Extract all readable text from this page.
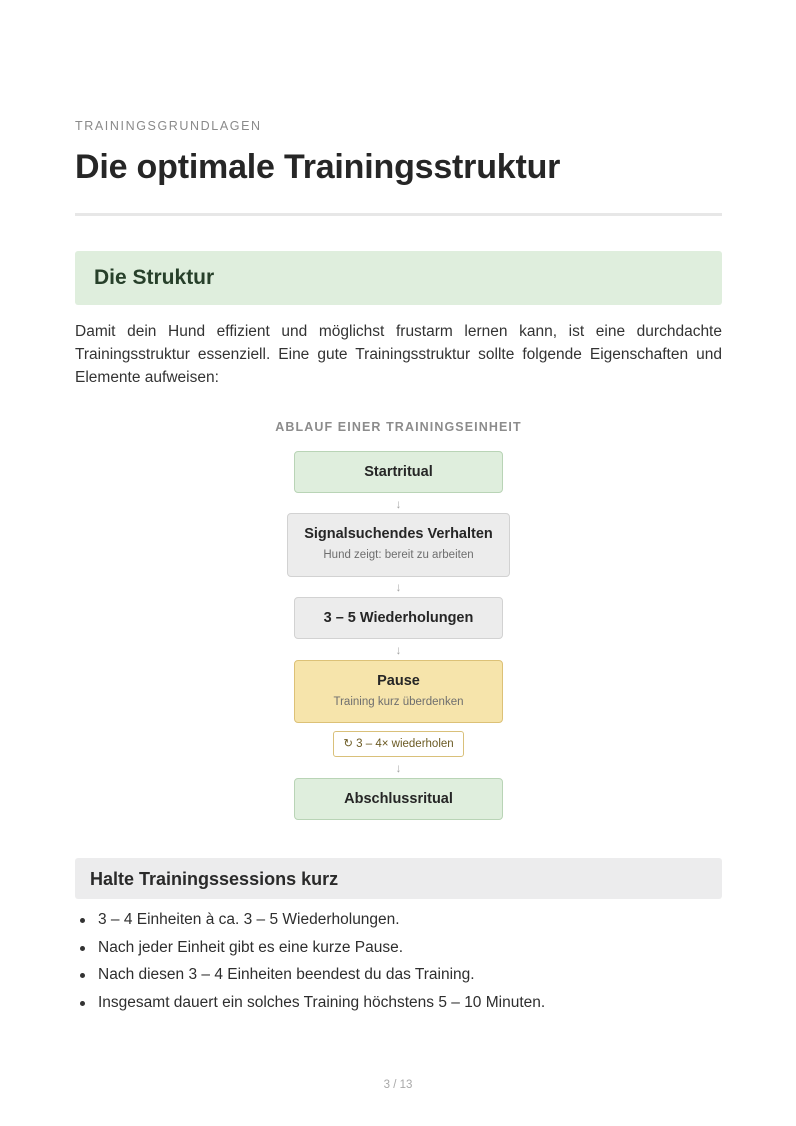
TRAININGSGRUNDLAGEN
Die optimale Trainingsstruktur
Die Struktur

Damit dein Hund effizient und möglichst frustarm lernen kann, ist eine durchdachte Trainingsstruktur essenziell. Eine gute Trainingsstruktur sollte folgende Eigenschaften und Elemente aufweisen:

ABLAUF EINER TRAININGSEINHEIT
Startritual
↓
Signalsuchendes Verhalten
Hund zeigt: bereit zu arbeiten
↓
3 – 5 Wiederholungen
↓
Pause
Training kurz überdenken
↻ 3 – 4× wiederholen
↓
Abschlussritual
Halte Trainingssessions kurz
3 – 4 Einheiten à ca. 3 – 5 Wiederholungen.
Nach jeder Einheit gibt es eine kurze Pause.
Nach diesen 3 – 4 Einheiten beendest du das Training.
Insgesamt dauert ein solches Training höchstens 5 – 10 Minuten.
3 / 13
